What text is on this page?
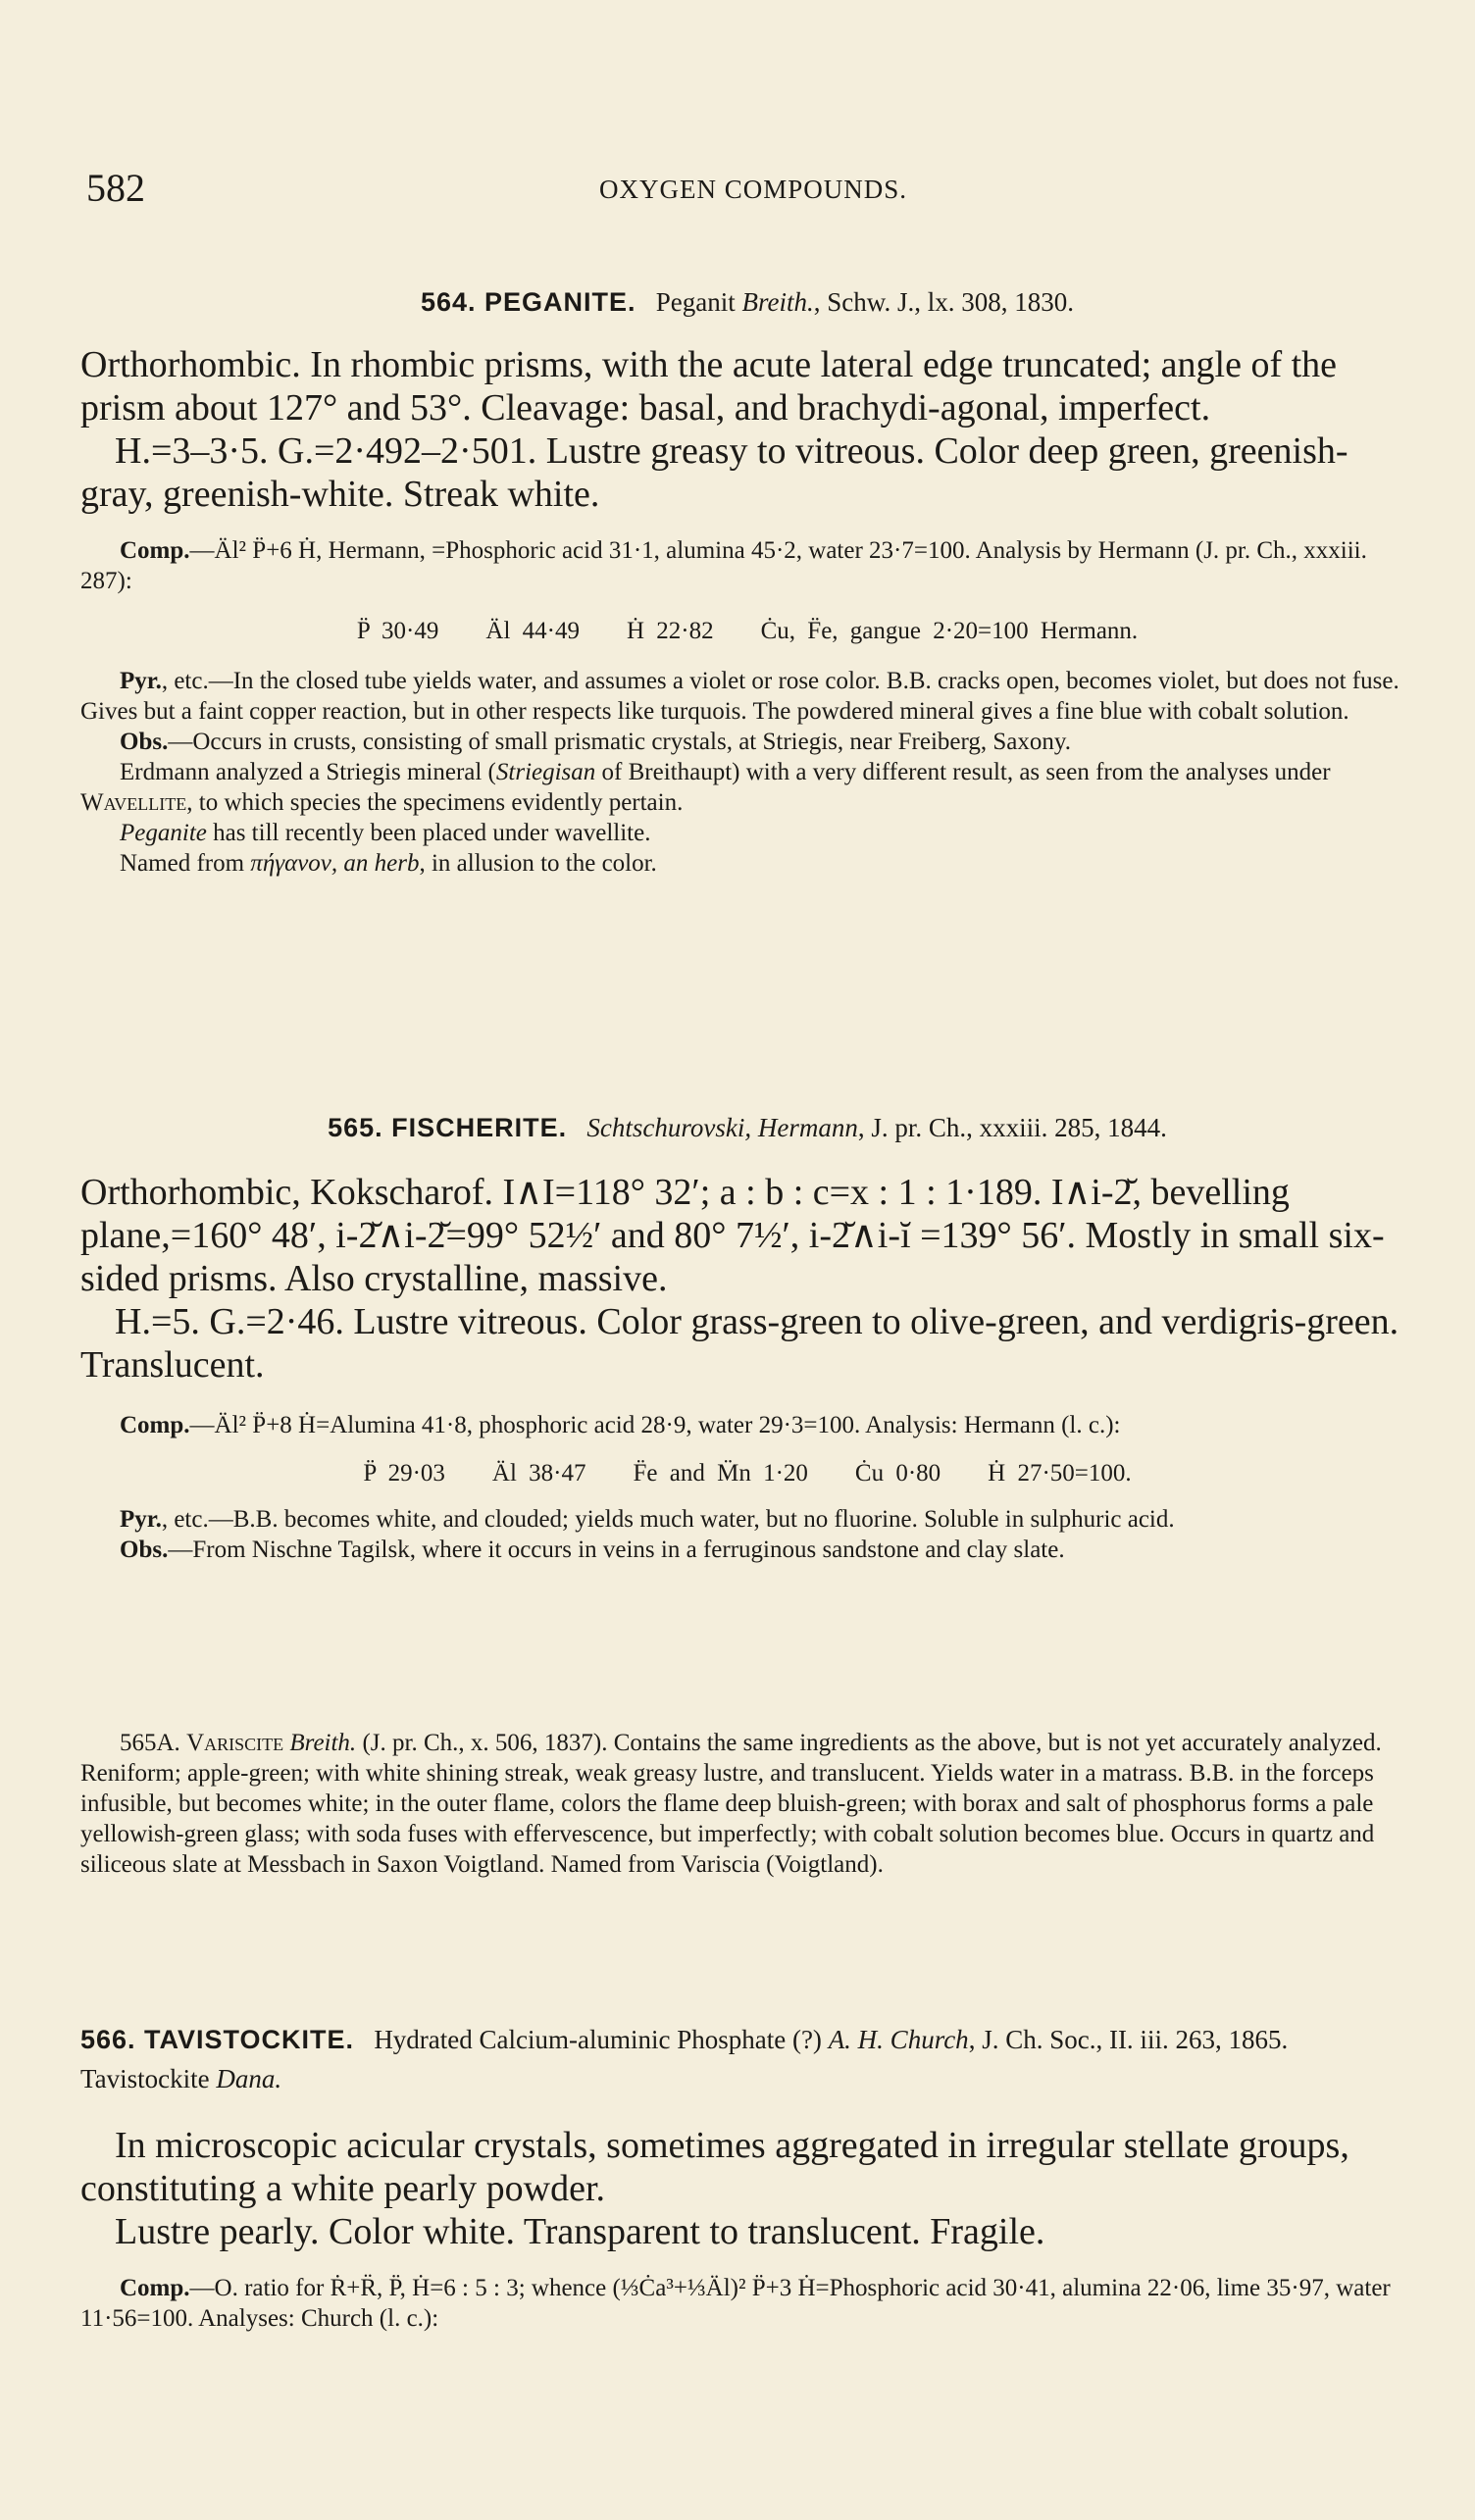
582	OXYGEN COMPOUNDS.
564. PEGANITE. Peganit Breith., Schw. J., lx. 308, 1830.

Orthorhombic. In rhombic prisms, with the acute lateral edge truncated; angle of the prism about 127° and 53°. Cleavage: basal, and brachydi-agonal, imperfect.

H.=3–3·5. G.=2·492–2·501. Lustre greasy to vitreous. Color deep green, greenish-gray, greenish-white. Streak white.

Comp.—Äl² P̈+6 Ḣ, Hermann, =Phosphoric acid 31·1, alumina 45·2, water 23·7=100. Analysis by Hermann (J. pr. Ch., xxxiii. 287):

P̈ 30·49 Äl 44·49 Ḣ 22·82 Ċu, F̈e, gangue 2·20=100 Hermann.

Pyr., etc.—In the closed tube yields water, and assumes a violet or rose color. B.B. cracks open, becomes violet, but does not fuse. Gives but a faint copper reaction, but in other respects like turquois. The powdered mineral gives a fine blue with cobalt solution.

Obs.—Occurs in crusts, consisting of small prismatic crystals, at Striegis, near Freiberg, Saxony.

Erdmann analyzed a Striegis mineral (Striegisan of Breithaupt) with a very different result, as seen from the analyses under Wavellite, to which species the specimens evidently pertain.

Peganite has till recently been placed under wavellite.

Named from πήγανον, an herb, in allusion to the color.

565. FISCHERITE. Schtschurovski, Hermann, J. pr. Ch., xxxiii. 285, 1844.

Orthorhombic, Kokscharof. I∧I=118° 32′; a : b : c=x : 1 : 1·189. I∧i-2̆, bevelling plane,=160° 48′, i-2̆∧i-2̆=99° 52½′ and 80° 7½′, i-2̆∧i-ĭ =139° 56′. Mostly in small six-sided prisms. Also crystalline, massive.

H.=5. G.=2·46. Lustre vitreous. Color grass-green to olive-green, and verdigris-green. Translucent.

Comp.—Äl² P̈+8 Ḣ=Alumina 41·8, phosphoric acid 28·9, water 29·3=100. Analysis: Hermann (l. c.):

P̈ 29·03 Äl 38·47 F̈e and M̈n 1·20 Ċu 0·80 Ḣ 27·50=100.

Pyr., etc.—B.B. becomes white, and clouded; yields much water, but no fluorine. Soluble in sulphuric acid.

Obs.—From Nischne Tagilsk, where it occurs in veins in a ferruginous sandstone and clay slate.

565A. Variscite Breith. (J. pr. Ch., x. 506, 1837). Contains the same ingredients as the above, but is not yet accurately analyzed. Reniform; apple-green; with white shining streak, weak greasy lustre, and translucent. Yields water in a matrass. B.B. in the forceps infusible, but becomes white; in the outer flame, colors the flame deep bluish-green; with borax and salt of phosphorus forms a pale yellowish-green glass; with soda fuses with effervescence, but imperfectly; with cobalt solution becomes blue. Occurs in quartz and siliceous slate at Messbach in Saxon Voigtland. Named from Variscia (Voigtland).

566. TAVISTOCKITE. Hydrated Calcium-aluminic Phosphate (?) A. H. Church, J. Ch. Soc., II. iii. 263, 1865. Tavistockite Dana.

In microscopic acicular crystals, sometimes aggregated in irregular stellate groups, constituting a white pearly powder.

Lustre pearly. Color white. Transparent to translucent. Fragile.

Comp.—O. ratio for Ṙ+R̈, P̈, Ḣ=6 : 5 : 3; whence (⅓Ċa³+⅓Äl)² P̈+3 Ḣ=Phosphoric acid 30·41, alumina 22·06, lime 35·97, water 11·56=100. Analyses: Church (l. c.):
